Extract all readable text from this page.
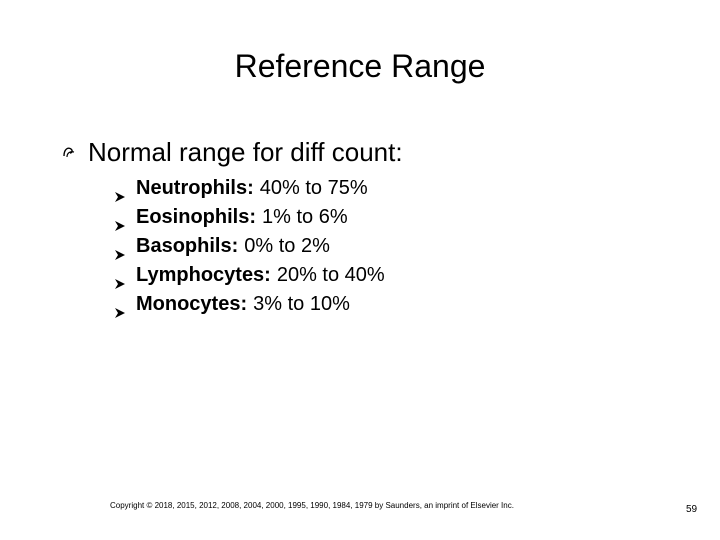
Reference Range
Normal range for diff count:
Neutrophils: 40% to 75%
Eosinophils: 1% to 6%
Basophils: 0% to 2%
Lymphocytes: 20% to 40%
Monocytes: 3% to 10%
Copyright © 2018, 2015, 2012, 2008, 2004, 2000, 1995, 1990, 1984, 1979 by Saunders, an imprint of Elsevier Inc.	59
